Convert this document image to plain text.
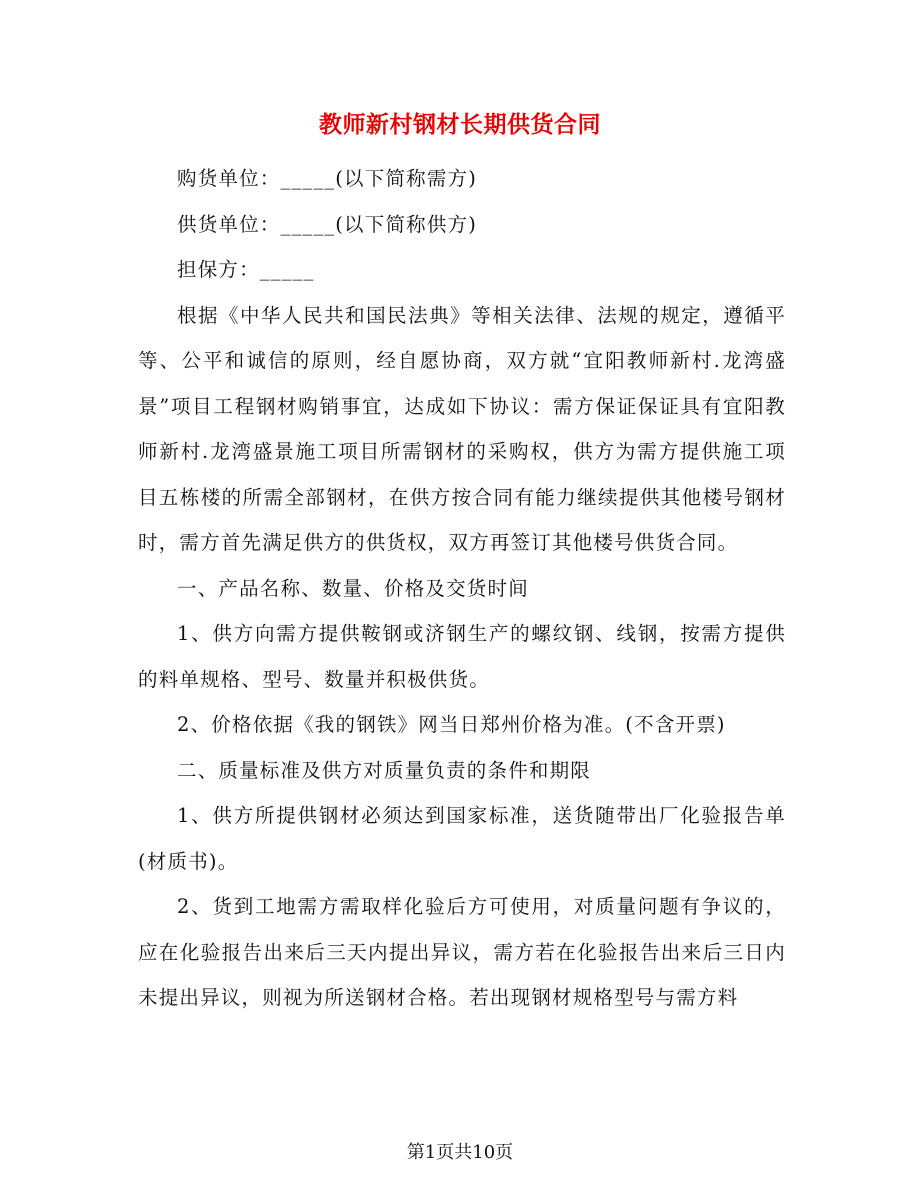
教师新村钢材长期供货合同

购货单位：_____(以下简称需方)

供货单位：_____(以下简称供方)

担保方：_____

根据《中华人民共和国民法典》等相关法律、法规的规定，遵循平等、公平和诚信的原则，经自愿协商，双方就“宜阳教师新村.龙湾盛景”项目工程钢材购销事宜，达成如下协议：需方保证保证具有宜阳教师新村.龙湾盛景施工项目所需钢材的采购权，供方为需方提供施工项目五栋楼的所需全部钢材，在供方按合同有能力继续提供其他楼号钢材时，需方首先满足供方的供货权，双方再签订其他楼号供货合同。

一、产品名称、数量、价格及交货时间

1、供方向需方提供鞍钢或济钢生产的螺纹钢、线钢，按需方提供的料单规格、型号、数量并积极供货。

2、价格依据《我的钢铁》网当日郑州价格为准。(不含开票)

二、质量标准及供方对质量负责的条件和期限

1、供方所提供钢材必须达到国家标准，送货随带出厂化验报告单(材质书)。

2、货到工地需方需取样化验后方可使用，对质量问题有争议的，应在化验报告出来后三天内提出异议，需方若在化验报告出来后三日内未提出异议，则视为所送钢材合格。若出现钢材规格型号与需方料

第1页共10页
